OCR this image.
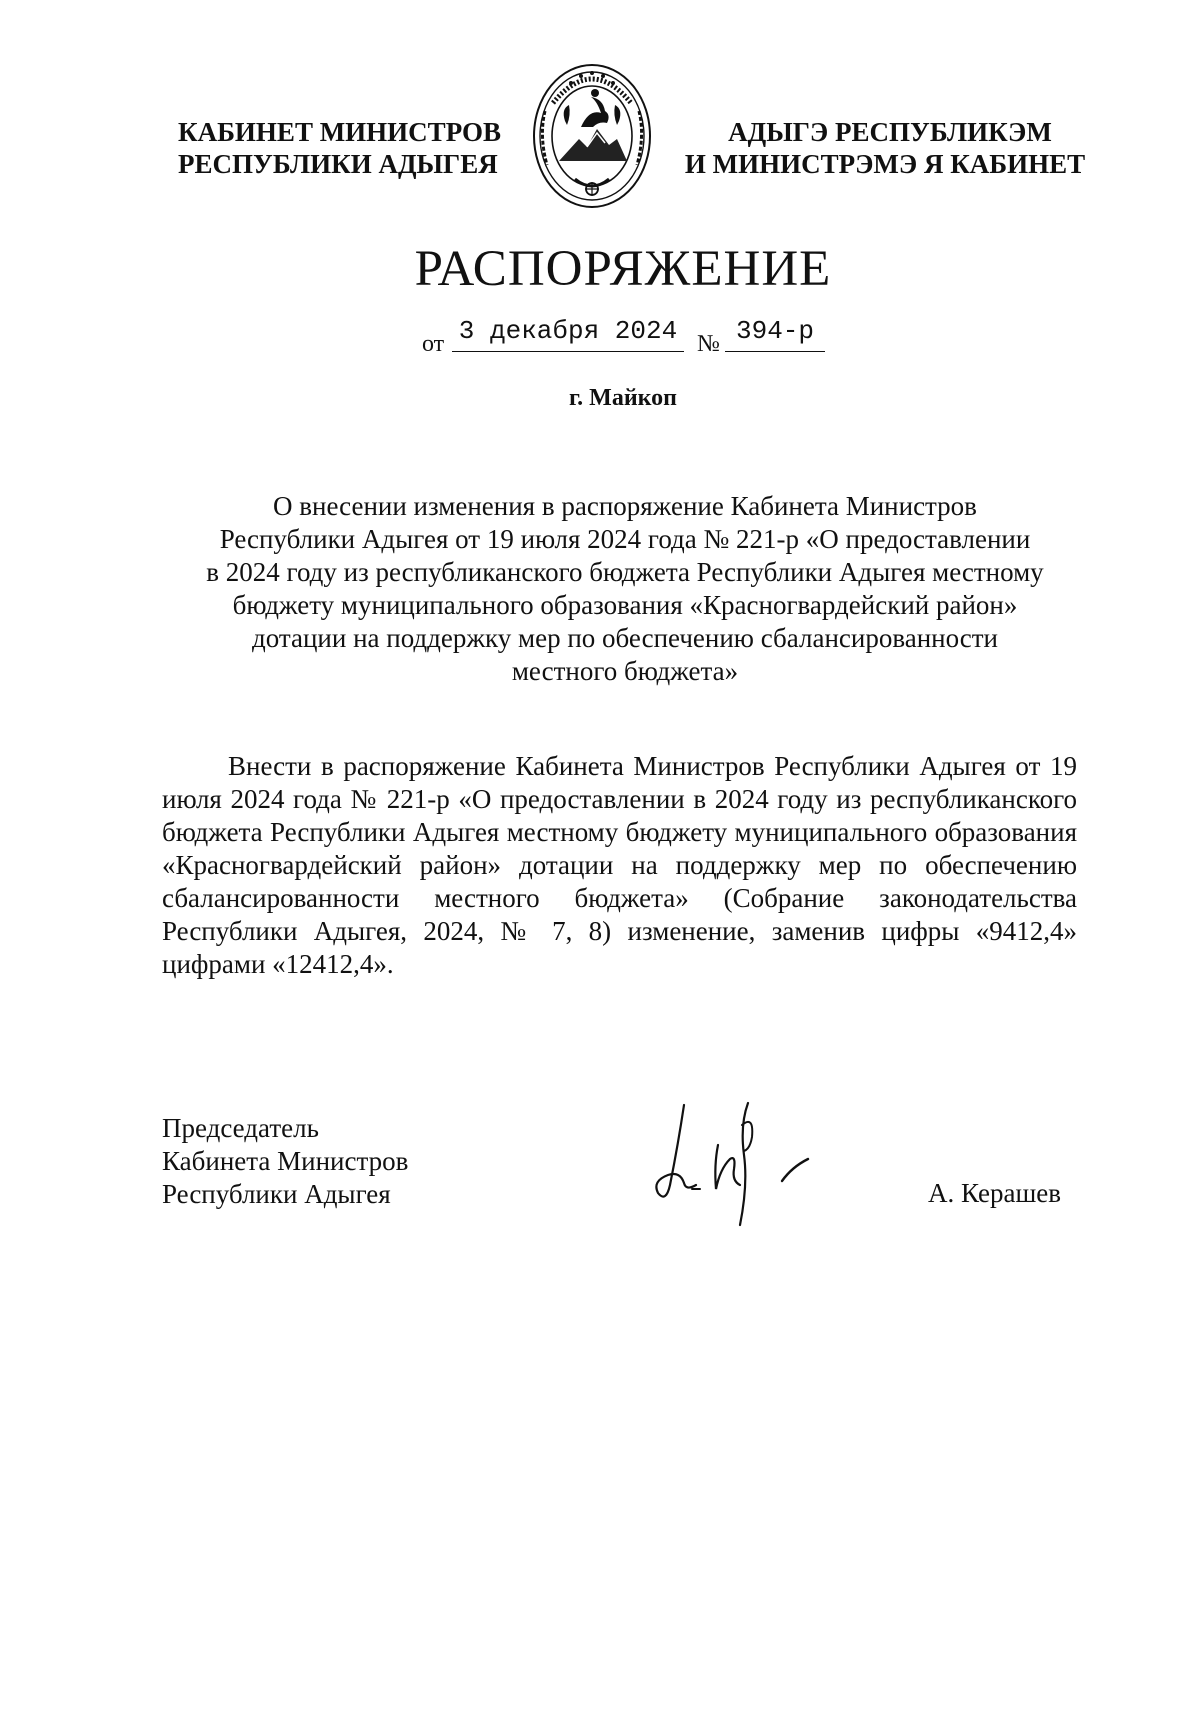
КАБИНЕТ МИНИСТРОВ
РЕСПУБЛИКИ АДЫГЕЯ
АДЫГЭ РЕСПУБЛИКЭМ
И МИНИСТРЭМЭ Я КАБИНЕТ
РАСПОРЯЖЕНИЕ
от 3 декабря 2024 № 394-р
г. Майкоп
О внесении изменения в распоряжение Кабинета Министров
Республики Адыгея от 19 июля 2024 года № 221-р «О предоставлении
в 2024 году из республиканского бюджета Республики Адыгея местному
бюджету муниципального образования «Красногвардейский район»
дотации на поддержку мер по обеспечению сбалансированности
местного бюджета»
Внести в распоряжение Кабинета Министров Республики Адыгея от 19 июля 2024 года № 221-р «О предоставлении в 2024 году из республиканского бюджета Республики Адыгея местному бюджету муниципального образования «Красногвардейский район» дотации на поддержку мер по обеспечению сбалансированности местного бюджета» (Собрание законодательства Республики Адыгея, 2024, № 7, 8) изменение, заменив цифры «9412,4» цифрами «12412,4».
Председатель
Кабинета Министров
Республики Адыгея	А. Керашев
